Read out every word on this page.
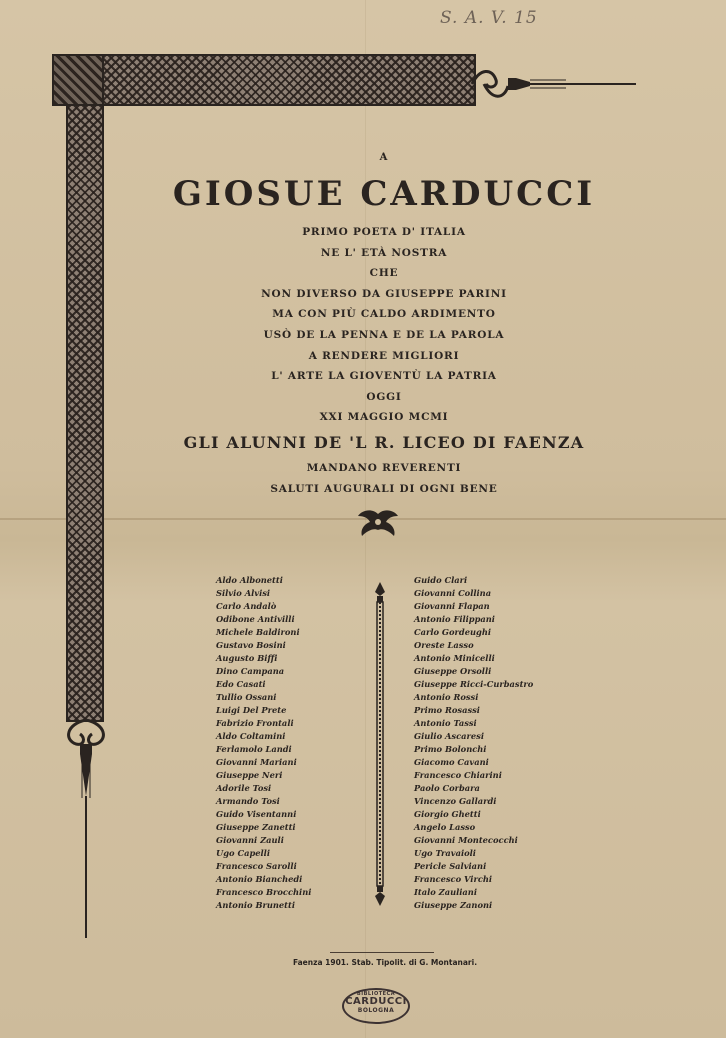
S. A. V. 15
A
GIOSUE CARDUCCI
PRIMO POETA D' ITALIA
NE L' ETÀ NOSTRA
CHE
NON DIVERSO DA GIUSEPPE PARINI
MA CON PIÙ CALDO ARDIMENTO
USÒ DE LA PENNA E DE LA PAROLA
A RENDERE MIGLIORI
L' ARTE LA GIOVENTÙ LA PATRIA
OGGI
XXI MAGGIO MCMI
GLI ALUNNI DE 'L R. LICEO DI FAENZA
MANDANO REVERENTI
SALUTI AUGURALI DI OGNI BENE
Aldo Albonetti
Silvio Alvisi
Carlo Andalò
Odibone Antivilli
Michele Baldironi
Gustavo Bosini
Augusto Biffi
Dino Campana
Edo Casati
Tullio Ossani
Luigi Del Prete
Fabrizio Frontali
Aldo Coltamini
Ferlamolo Landi
Giovanni Mariani
Giuseppe Neri
Adorile Tosi
Armando Tosi
Guido Visentanni
Giuseppe Zanetti
Giovanni Zauli
Ugo Capelli
Francesco Sarolli
Antonio Bianchedi
Francesco Brocchini
Antonio Brunetti
Guido Clari
Giovanni Collina
Giovanni Flapan
Antonio Filippani
Carlo Gordeughi
Oreste Lasso
Antonio Minicelli
Giuseppe Orsolli
Giuseppe Ricci-Curbastro
Antonio Rossi
Primo Rosassi
Antonio Tassi
Giulio Ascaresi
Primo Bolonchi
Giacomo Cavani
Francesco Chiarini
Paolo Corbara
Vincenzo Gallardi
Giorgio Ghetti
Angelo Lasso
Giovanni Montecocchi
Ugo Travaioli
Pericle Salviani
Francesco Virchi
Italo Zauliani
Giuseppe Zanoni
Faenza 1901. Stab. Tipolit. di G. Montanari.
BIBLIOTECA
CARDUCCI
BOLOGNA
